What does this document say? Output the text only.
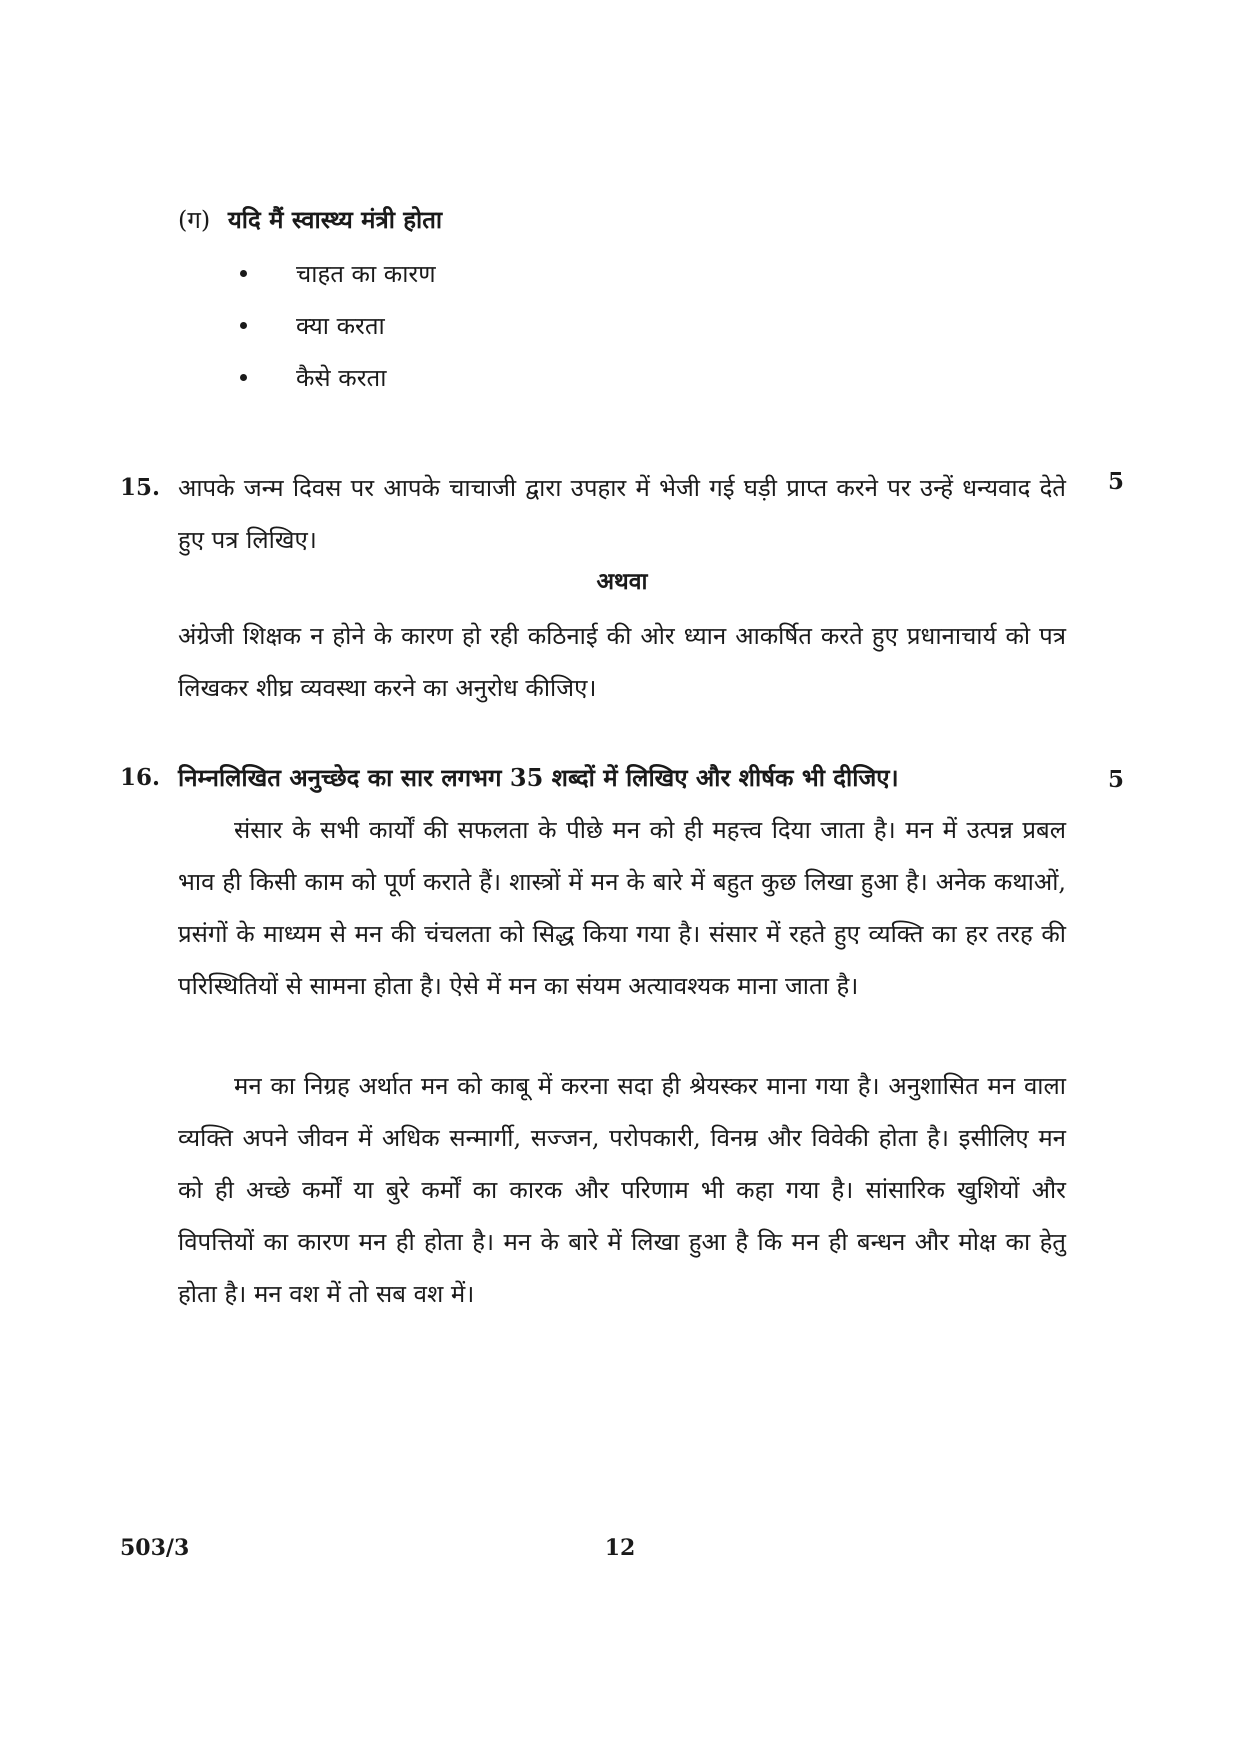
(ग) यदि मैं स्वास्थ्य मंत्री होता
चाहत का कारण
क्या करता
कैसे करता
15. आपके जन्म दिवस पर आपके चाचाजी द्वारा उपहार में भेजी गई घड़ी प्राप्त करने पर उन्हें धन्यवाद देते हुए पत्र लिखिए।

5
अथवा

अंग्रेजी शिक्षक न होने के कारण हो रही कठिनाई की ओर ध्यान आकर्षित करते हुए प्रधानाचार्य को पत्र लिखकर शीघ्र व्यवस्था करने का अनुरोध कीजिए।

16. निम्नलिखित अनुच्छेद का सार लगभग 35 शब्दों में लिखिए और शीर्षक भी दीजिए।	5

संसार के सभी कार्यों की सफलता के पीछे मन को ही महत्त्व दिया जाता है। मन में उत्पन्न प्रबल भाव ही किसी काम को पूर्ण कराते हैं। शास्त्रों में मन के बारे में बहुत कुछ लिखा हुआ है। अनेक कथाओं, प्रसंगों के माध्यम से मन की चंचलता को सिद्ध किया गया है। संसार में रहते हुए व्यक्ति का हर तरह की परिस्थितियों से सामना होता है। ऐसे में मन का संयम अत्यावश्यक माना जाता है।

मन का निग्रह अर्थात मन को काबू में करना सदा ही श्रेयस्कर माना गया है। अनुशासित मन वाला व्यक्ति अपने जीवन में अधिक सन्मार्गी, सज्जन, परोपकारी, विनम्र और विवेकी होता है। इसीलिए मन को ही अच्छे कर्मों या बुरे कर्मों का कारक और परिणाम भी कहा गया है। सांसारिक खुशियों और विपत्तियों का कारण मन ही होता है। मन के बारे में लिखा हुआ है कि मन ही बन्धन और मोक्ष का हेतु होता है। मन वश में तो सब वश में।

503/3	12
